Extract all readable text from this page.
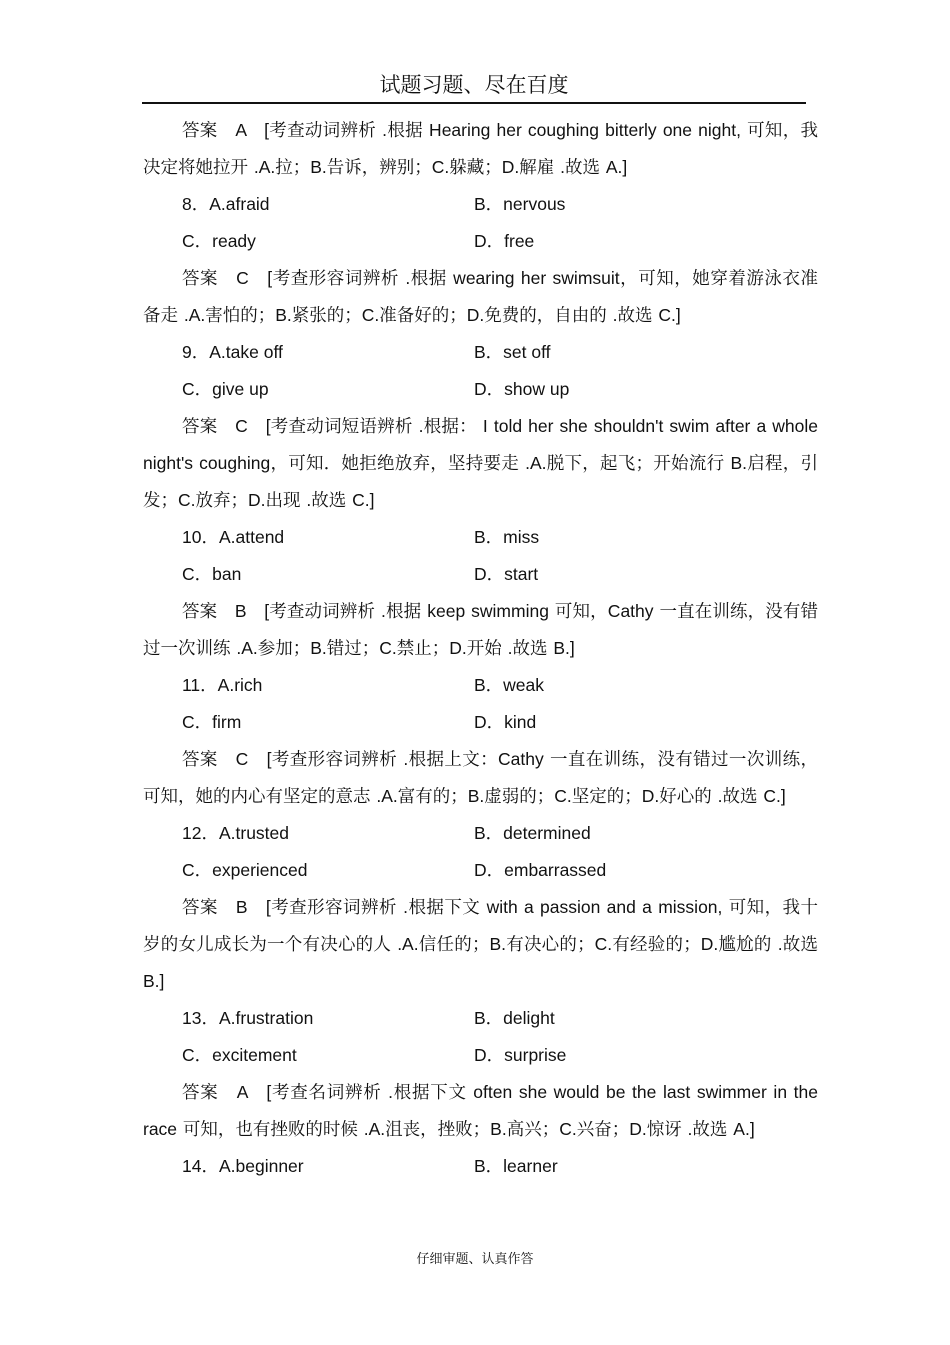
试题习题、尽在百度
答案　A　[考查动词辨析 .根据 Hearing her coughing bitterly one night, 可知，我决定将她拉开 .A.拉；B.告诉，辨别；C.躲藏；D.解雇 .故选 A.]
8．A.afraid	B．nervous
C．ready	D．free
答案　C　[考查形容词辨析 .根据 wearing her swimsuit，可知，她穿着游泳衣准备走 .A.害怕的；B.紧张的；C.准备好的；D.免费的，自由的 .故选 C.]
9．A.take off	B．set off
C．give up	D．show up
答案　C　[考查动词短语辨析 .根据： I told her she shouldn't swim after a whole night's coughing，可知．她拒绝放弃，坚持要走 .A.脱下，起飞；开始流行 B.启程，引发；C.放弃；D.出现 .故选 C.]
10．A.attend	B．miss
C．ban	D．start
答案　B　[考查动词辨析 .根据 keep swimming 可知，Cathy 一直在训练，没有错过一次训练 .A.参加；B.错过；C.禁止；D.开始 .故选 B.]
11．A.rich	B．weak
C．firm	D．kind
答案　C　[考查形容词辨析 .根据上文：Cathy 一直在训练，没有错过一次训练，可知，她的内心有坚定的意志 .A.富有的；B.虚弱的；C.坚定的；D.好心的 .故选 C.]
12．A.trusted	B．determined
C．experienced	D．embarrassed
答案　B　[考查形容词辨析 .根据下文 with a passion and a mission, 可知，我十岁的女儿成长为一个有决心的人 .A.信任的；B.有决心的；C.有经验的；D.尴尬的 .故选 B.]
13．A.frustration	B．delight
C．excitement	D．surprise
答案　A　[考查名词辨析 .根据下文 often she would be the last swimmer in the race 可知，也有挫败的时候 .A.沮丧，挫败；B.高兴；C.兴奋；D.惊讶 .故选 A.]
14．A.beginner	B．learner
仔细审题、认真作答
